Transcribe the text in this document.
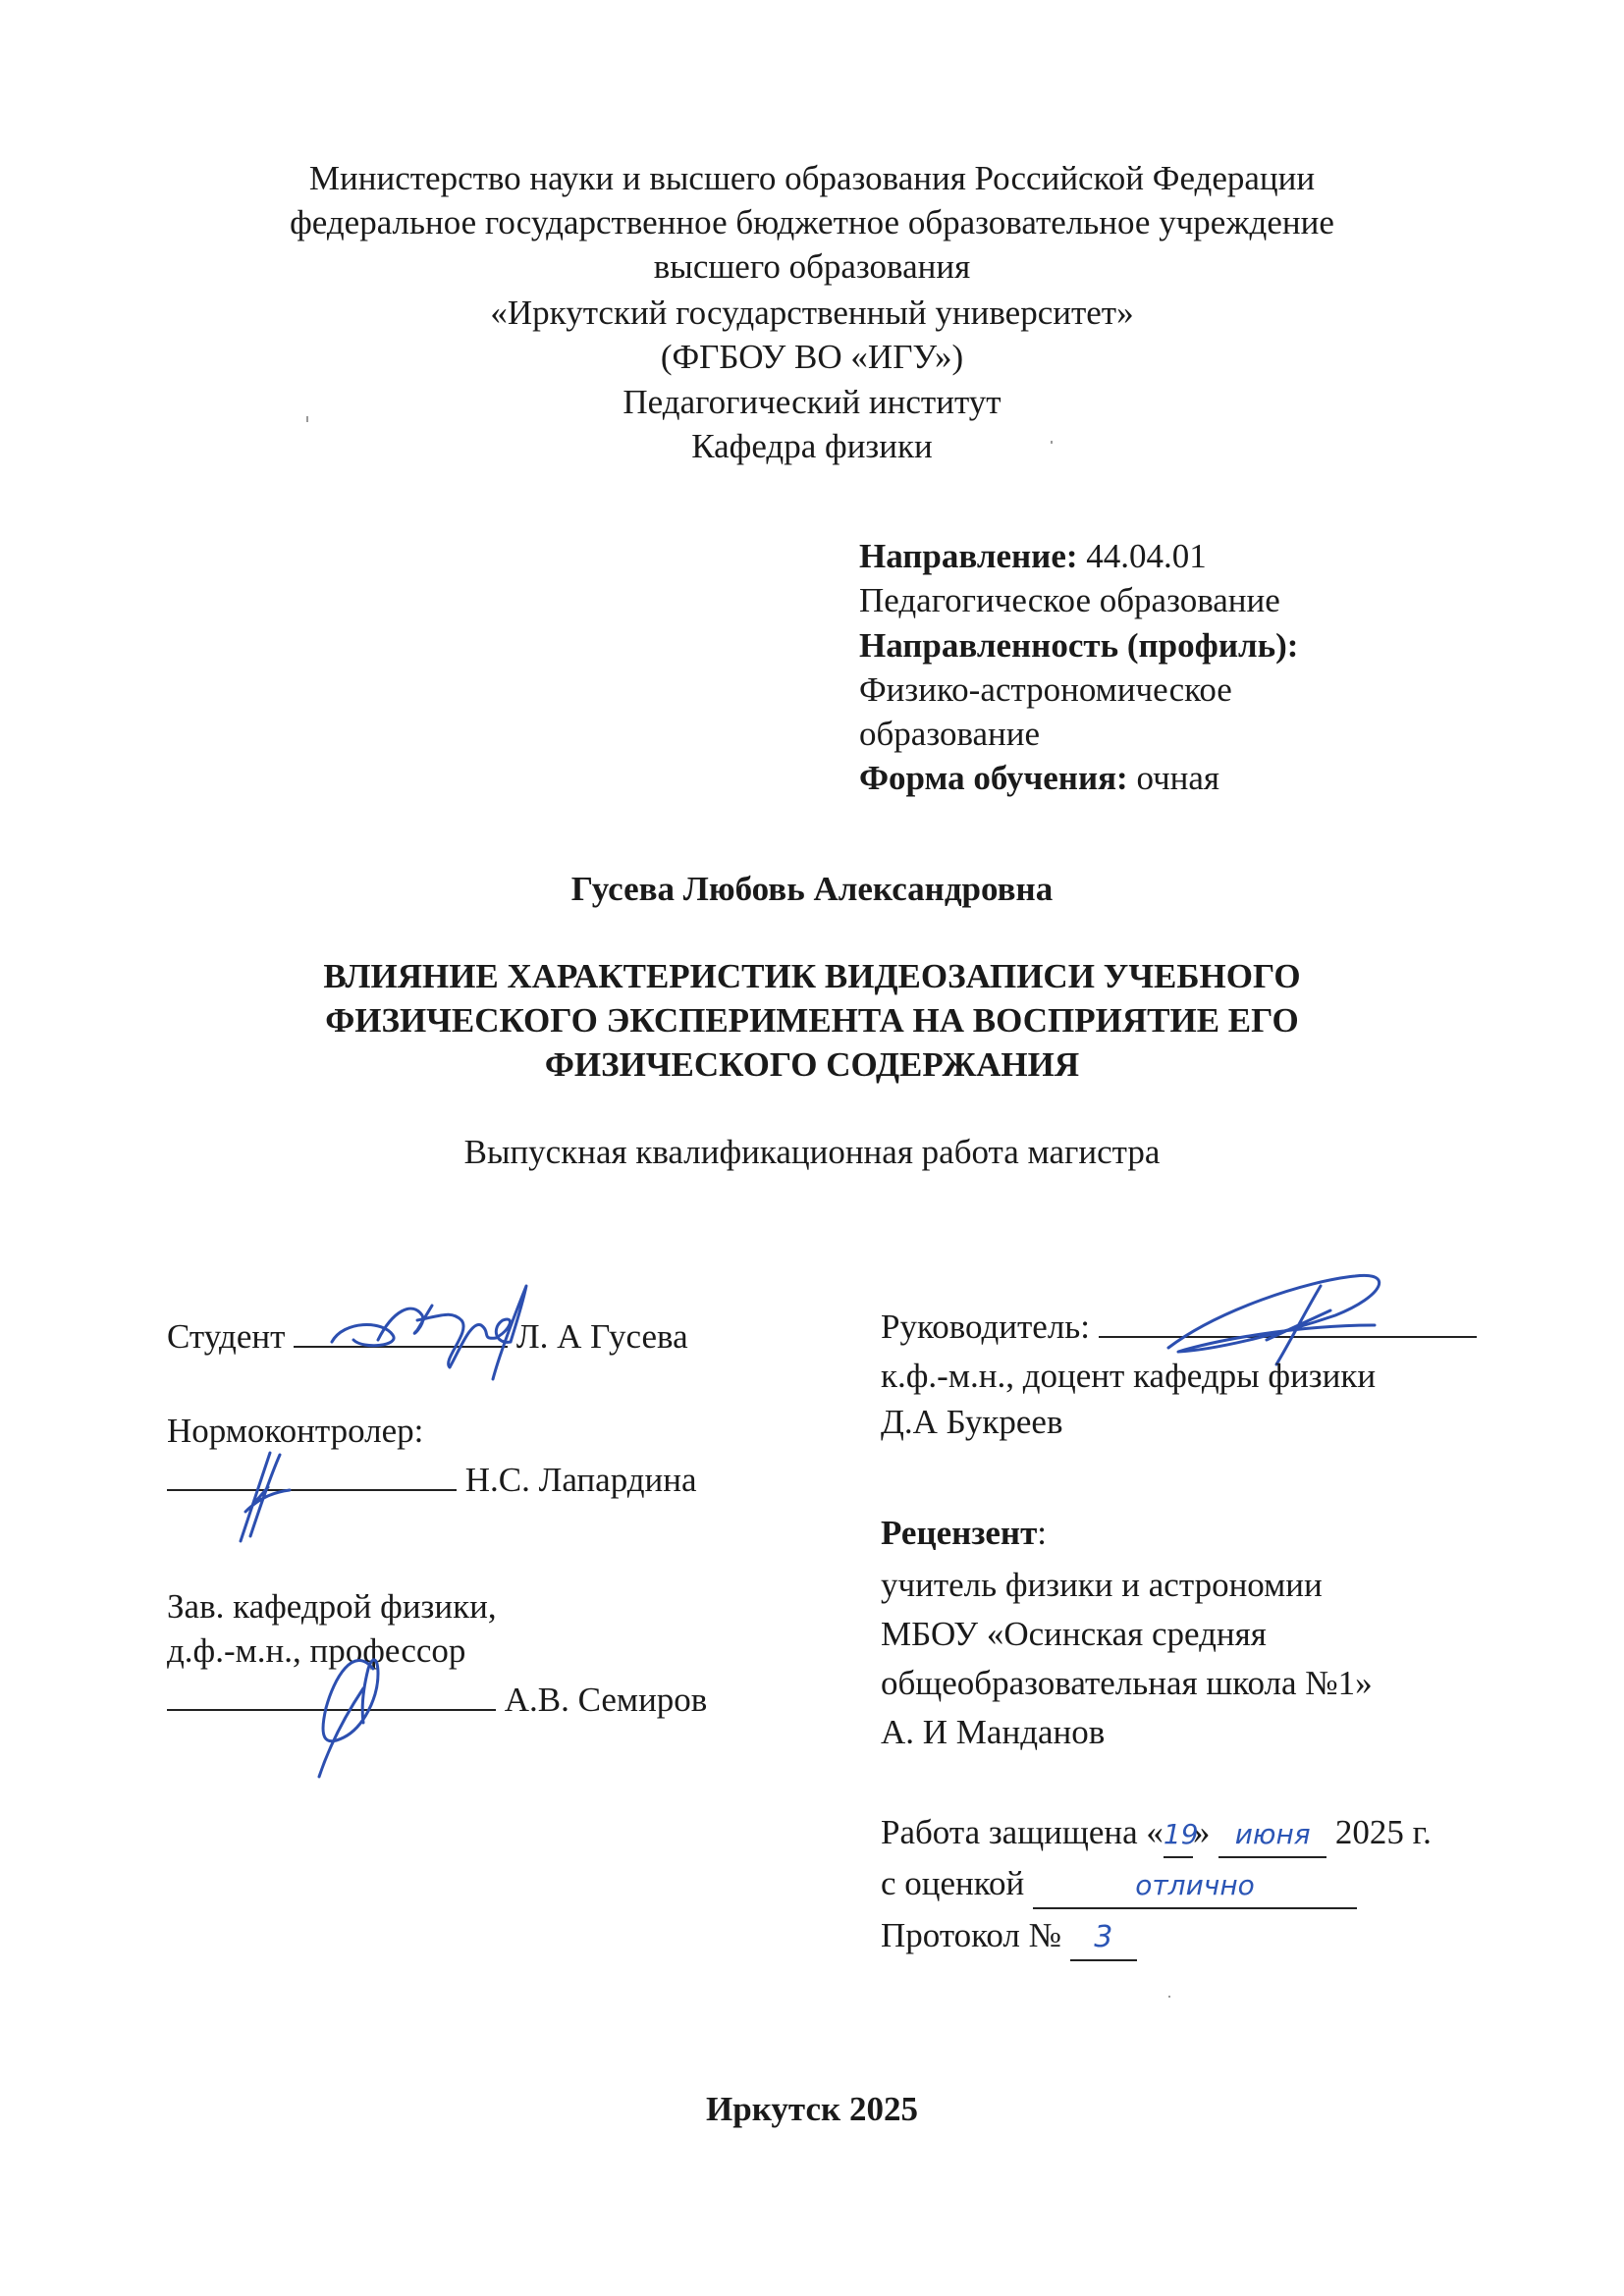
Министерство науки и высшего образования Российской Федерации
федеральное государственное бюджетное образовательное учреждение
высшего образования
«Иркутский государственный университет»
(ФГБОУ ВО «ИГУ»)
Педагогический институт
Кафедра физики
Направление: 44.04.01
Педагогическое образование
Направленность (профиль):
Физико-астрономическое
образование
Форма обучения: очная
Гусева Любовь Александровна
ВЛИЯНИЕ ХАРАКТЕРИСТИК ВИДЕОЗАПИСИ УЧЕБНОГО
ФИЗИЧЕСКОГО ЭКСПЕРИМЕНТА НА ВОСПРИЯТИЕ ЕГО
ФИЗИЧЕСКОГО СОДЕРЖАНИЯ
Выпускная квалификационная работа магистра
Студент	Л. А Гусева
Нормоконтролер:
Н.С. Лапардина
Зав. кафедрой физики,
д.ф.-м.н., профессор
А.В. Семиров
Руководитель:
к.ф.-м.н., доцент кафедры физики
Д.А Букреев
Рецензент:
учитель физики и астрономии
МБОУ «Осинская средняя
общеобразовательная школа №1»
А. И Манданов
Работа защищена «19» июня 2025 г.
с оценкой	отлично
Протокол № 3
Иркутск 2025
